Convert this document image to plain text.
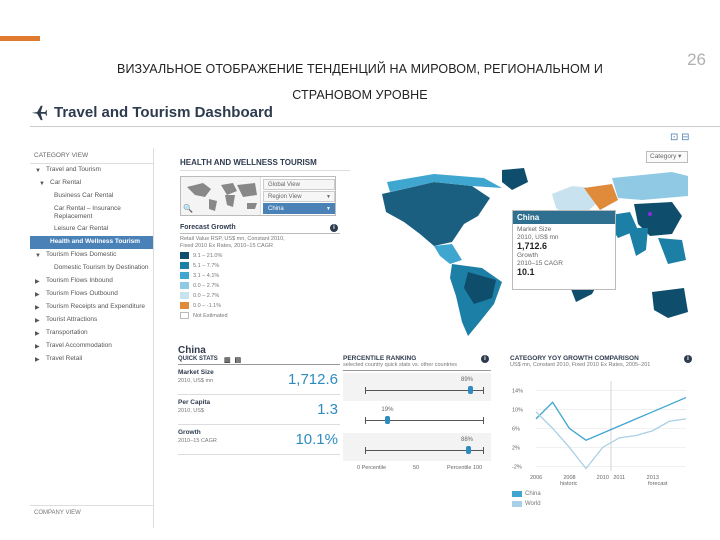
ВИЗУАЛЬНОЕ ОТОБРАЖЕНИЕ ТЕНДЕНЦИЙ НА МИРОВОМ, РЕГИОНАЛЬНОМ И
СТРАНОВОМ УРОВНЕ
26
Travel and Tourism Dashboard
⊡ ⊟
CATEGORY VIEW
▼ Travel and Tourism
▼ Car Rental
Business Car Rental
Car Rental – Insurance Replacement
Leisure Car Rental
Health and Wellness Tourism
▼ Tourism Flows Domestic
Domestic Tourism by Destination
▶ Tourism Flows Inbound
▶ Tourism Flows Outbound
▶ Tourism Receipts and Expenditure
▶ Tourist Attractions
▶ Transportation
▶ Travel Accommodation
▶ Travel Retail
COMPANY VIEW
Category ▾
HEALTH AND WELLNESS TOURISM
🔍
Global View
Region View	▼
China	▼
Forecast Growth	i
Retail Value RSP, US$ mn, Constant 2010,
Fixed 2010 Ex Rates, 2010–15 CAGR
9.1 – 21.0%
5.1 – 7.7%
3.1 – 4.1%
0.0 – 2.7%
0.0 – 2.7%
0.0 – -1.1%
Not Estimated
China
Market Size
2010, US$ mn
1,712.6
Growth
2010–15 CAGR
10.1
China
QUICK STATS ▥ ▤
Market Size
2010, US$ mn	1,712.6
Per Capita
2010, US$	1.3
Growth
2010–15 CAGR	10.1%
PERCENTILE RANKING	i
selected country quick stats vs. other countries
89%
19%
88%
0 Percentile	50	Percentile 100
CATEGORY YOY GROWTH COMPARISON	i
US$ mn, Constant 2010, Fixed 2010 Ex Rates, 2005–201
14%
10%
6%
2%
-2%
2006	2008	2010 2011	2013
historic	forecast
China
World
